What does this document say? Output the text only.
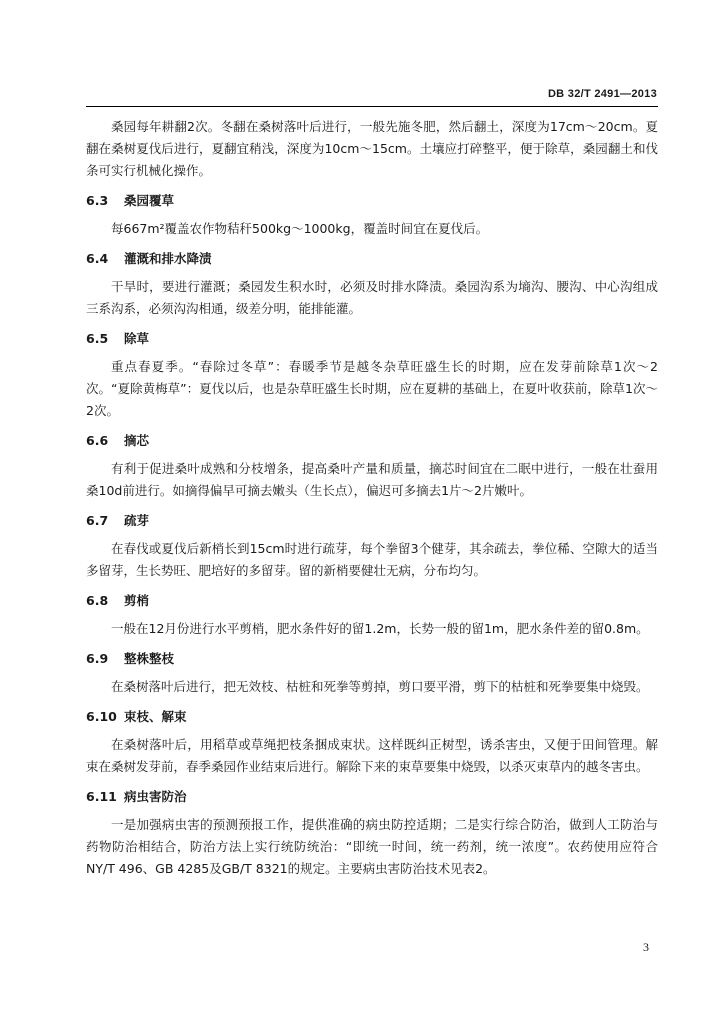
DB 32/T 2491—2013

桑园每年耕翻2次。冬翻在桑树落叶后进行，一般先施冬肥，然后翻土，深度为17cm～20cm。夏翻在桑树夏伐后进行，夏翻宜稍浅，深度为10cm～15cm。土壤应打碎整平，便于除草，桑园翻土和伐条可实行机械化操作。

6.3 桑园覆草

每667m²覆盖农作物秸秆500kg～1000kg，覆盖时间宜在夏伐后。

6.4 灌溉和排水降渍

干旱时，要进行灌溉；桑园发生积水时，必须及时排水降渍。桑园沟系为墒沟、腰沟、中心沟组成三系沟系，必须沟沟相通，级差分明，能排能灌。

6.5 除草

重点春夏季。“春除过冬草”：春暖季节是越冬杂草旺盛生长的时期，应在发芽前除草1次～2次。“夏除黄梅草”：夏伐以后，也是杂草旺盛生长时期，应在夏耕的基础上，在夏叶收获前，除草1次～2次。

6.6 摘芯

有利于促进桑叶成熟和分枝增条，提高桑叶产量和质量，摘芯时间宜在二眠中进行，一般在壮蚕用桑10d前进行。如摘得偏早可摘去嫩头（生长点），偏迟可多摘去1片～2片嫩叶。

6.7 疏芽

在春伐或夏伐后新梢长到15cm时进行疏芽，每个拳留3个健芽，其余疏去，拳位稀、空隙大的适当多留芽，生长势旺、肥培好的多留芽。留的新梢要健壮无病，分布均匀。

6.8 剪梢

一般在12月份进行水平剪梢，肥水条件好的留1.2m，长势一般的留1m，肥水条件差的留0.8m。

6.9 整株整枝

在桑树落叶后进行，把无效枝、枯桩和死拳等剪掉，剪口要平滑，剪下的枯桩和死拳要集中烧毁。

6.10 束枝、解束

在桑树落叶后，用稻草或草绳把枝条捆成束状。这样既纠正树型，诱杀害虫，又便于田间管理。解束在桑树发芽前，春季桑园作业结束后进行。解除下来的束草要集中烧毁，以杀灭束草内的越冬害虫。

6.11 病虫害防治

一是加强病虫害的预测预报工作，提供准确的病虫防控适期；二是实行综合防治，做到人工防治与药物防治相结合，防治方法上实行统防统治：“即统一时间，统一药剂，统一浓度”。农药使用应符合NY/T 496、GB 4285及GB/T 8321的规定。主要病虫害防治技术见表2。

3
